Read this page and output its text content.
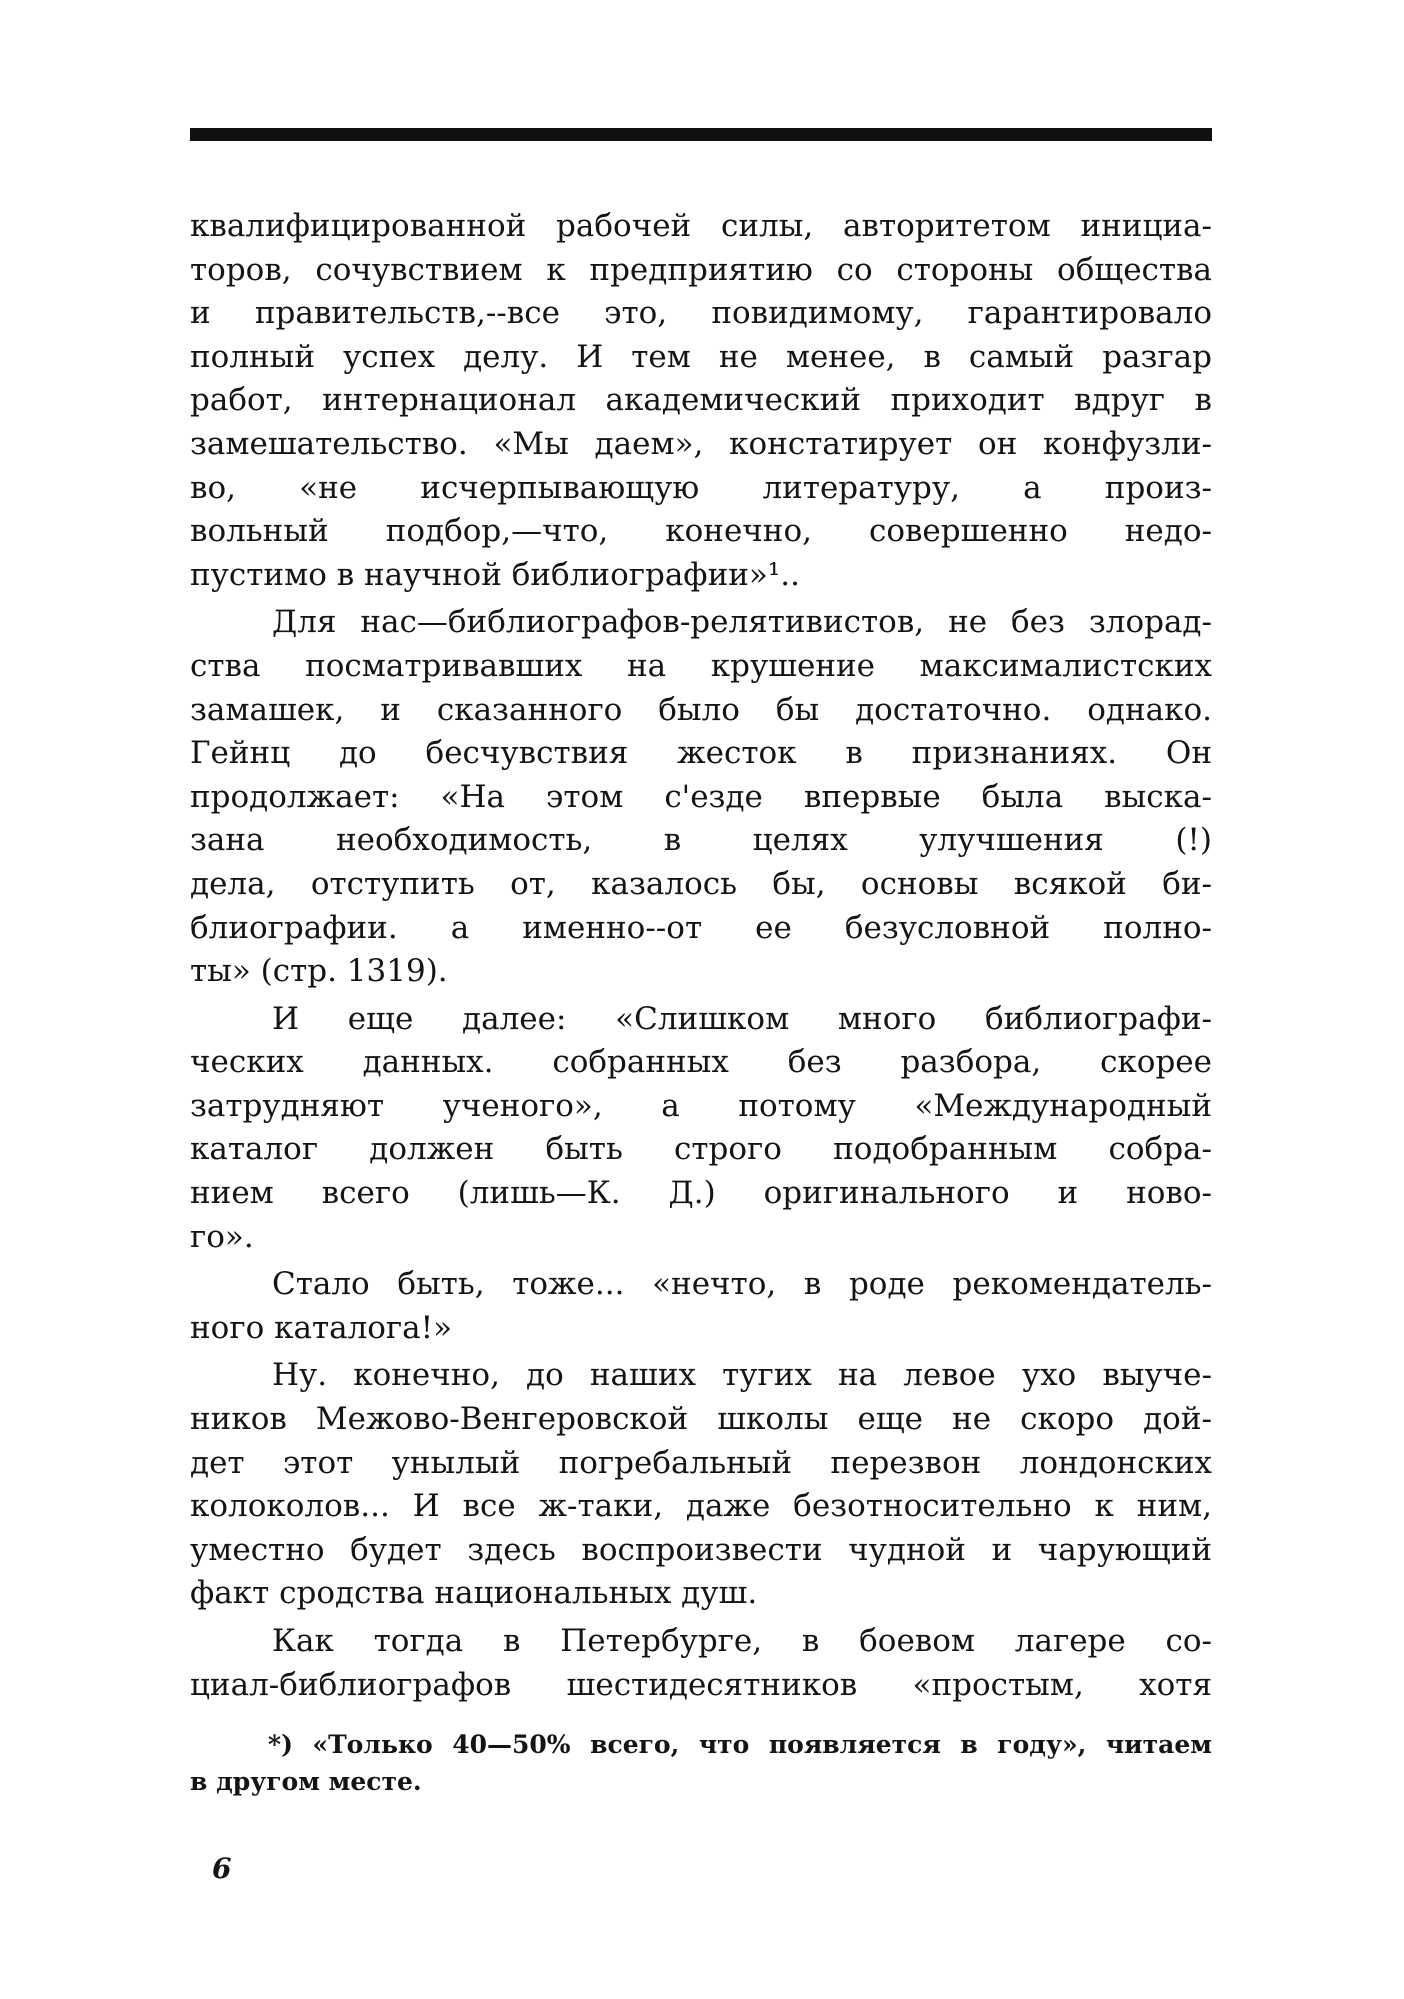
квалифицированной рабочей силы, авторитетом инициа-
торов, сочувствием к предприятию со стороны общества
и правительств,--все это, повидимому, гарантировало
полный успех делу. И тем не менее, в самый разгар
работ, интернационал академический приходит вдруг в
замешательство. «Мы даем», констатирует он конфузли-
во, «не исчерпывающую литературу, а произ-
вольный подбор,—что, конечно, совершенно недо-
пустимо в научной библиографии»¹..
Для нас—библиографов-релятивистов, не без злорад-
ства посматривавших на крушение максималистских
замашек, и сказанного было бы достаточно. однако.
Гейнц до бесчувствия жесток в признаниях. Он
продолжает: «На этом с'езде впервые была выска-
зана необходимость, в целях улучшения (!)
дела, отступить от, казалось бы, основы всякой би-
блиографии. а именно--от ее безусловной полно-
ты» (стр. 1319).
И еще далее: «Слишком много библиографи-
ческих данных. собранных без разбора, скорее
затрудняют ученого», а потому «Международный
каталог должен быть строго подобранным собра-
нием всего (лишь—К. Д.) оригинального и ново-
го».
Стало быть, тоже... «нечто, в роде рекомендатель-
ного каталога!»
Ну. конечно, до наших тугих на левое ухо выуче-
ников Межово-Венгеровской школы еще не скоро дой-
дет этот унылый погребальный перезвон лондонских
колоколов... И все ж-таки, даже безотносительно к ним,
уместно будет здесь воспроизвести чудной и чарующий
факт сродства национальных душ.
Как тогда в Петербурге, в боевом лагере со-
циал-библиографов шестидесятников «простым, хотя
*) «Только 40—50% всего, что появляется в году», читаем
в другом месте.
6
